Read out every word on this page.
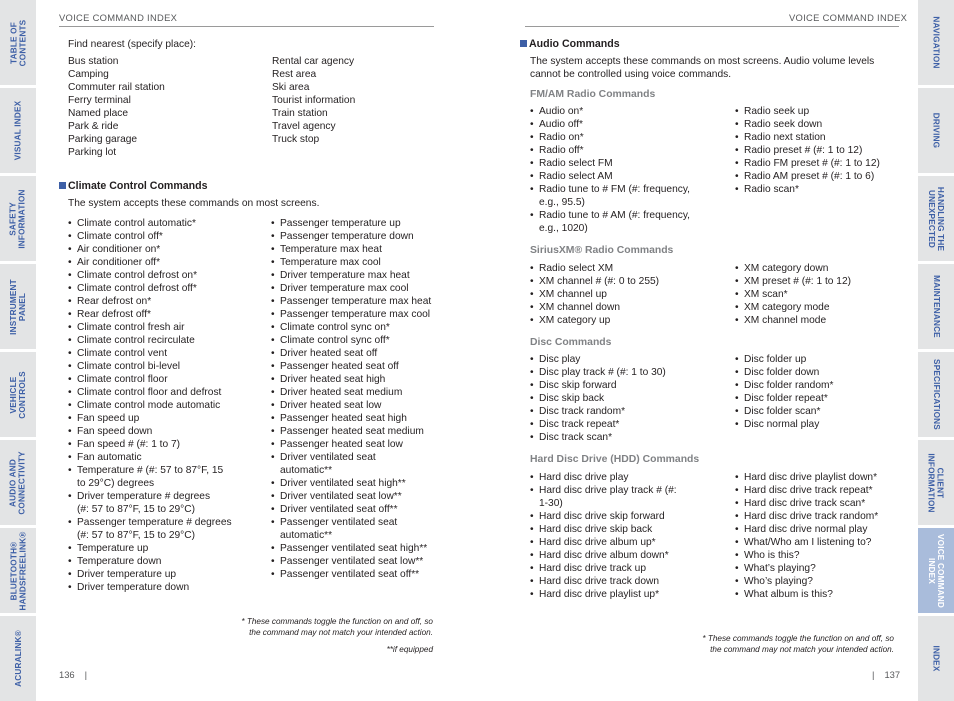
TABLE OF
CONTENTS
VISUAL INDEX
SAFETY
INFORMATION
INSTRUMENT
PANEL
VEHICLE
CONTROLS
AUDIO AND
CONNECTIVITY
BLUETOOTH®
HANDSFREELINK®
ACURALINK®
NAVIGATION
DRIVING
HANDLING THE
UNEXPECTED
MAINTENANCE
SPECIFICATIONS
CLIENT
INFORMATION
VOICE COMMAND
INDEX
INDEX
VOICE COMMAND INDEX
Find nearest (specify place):
Bus station
Camping
Commuter rail station
Ferry terminal
Named place
Park & ride
Parking garage
Parking lot
Rental car agency
Rest area
Ski area
Tourist information
Train station
Travel agency
Truck stop
Climate Control Commands
The system accepts these commands on most screens.
• Climate control automatic*
• Climate control off*
• Air conditioner on*
• Air conditioner off*
• Climate control defrost on*
• Climate control defrost off*
• Rear defrost on*
• Rear defrost off*
• Climate control fresh air
• Climate control recirculate
• Climate control vent
• Climate control bi-level
• Climate control floor
• Climate control floor and defrost
• Climate control mode automatic
• Fan speed up
• Fan speed down
• Fan speed # (#: 1 to 7)
• Fan automatic
• Temperature # (#: 57 to 87°F, 15
to 29°C) degrees
• Driver temperature # degrees
(#: 57 to 87°F, 15 to 29°C)
• Passenger temperature # degrees
(#: 57 to 87°F, 15 to 29°C)
• Temperature up
• Temperature down
• Driver temperature up
• Driver temperature down
• Passenger temperature up
• Passenger temperature down
• Temperature max heat
• Temperature max cool
• Driver temperature max heat
• Driver temperature max cool
• Passenger temperature max heat
• Passenger temperature max cool
• Climate control sync on*
• Climate control sync off*
• Driver heated seat off
• Passenger heated seat off
• Driver heated seat high
• Driver heated seat medium
• Driver heated seat low
• Passenger heated seat high
• Passenger heated seat medium
• Passenger heated seat low
• Driver ventilated seat
automatic**
• Driver ventilated seat high**
• Driver ventilated seat low**
• Driver ventilated seat off**
• Passenger ventilated seat
automatic**
• Passenger ventilated seat high**
• Passenger ventilated seat low**
• Passenger ventilated seat off**
* These commands toggle the function on and off, so
the command may not match your intended action.
**if equipped
136 |
VOICE COMMAND INDEX
Audio Commands
The system accepts these commands on most screens. Audio volume levels
cannot be controlled using voice commands.
FM/AM Radio Commands
• Audio on*
• Audio off*
• Radio on*
• Radio off*
• Radio select FM
• Radio select AM
• Radio tune to # FM (#: frequency,
e.g., 95.5)
• Radio tune to # AM (#: frequency,
e.g., 1020)
• Radio seek up
• Radio seek down
• Radio next station
• Radio preset # (#: 1 to 12)
• Radio FM preset # (#: 1 to 12)
• Radio AM preset # (#: 1 to 6)
• Radio scan*
SiriusXM® Radio Commands
• Radio select XM
• XM channel # (#: 0 to 255)
• XM channel up
• XM channel down
• XM category up
• XM category down
• XM preset # (#: 1 to 12)
• XM scan*
• XM category mode
• XM channel mode
Disc Commands
• Disc play
• Disc play track # (#: 1 to 30)
• Disc skip forward
• Disc skip back
• Disc track random*
• Disc track repeat*
• Disc track scan*
• Disc folder up
• Disc folder down
• Disc folder random*
• Disc folder repeat*
• Disc folder scan*
• Disc normal play
Hard Disc Drive (HDD) Commands
• Hard disc drive play
• Hard disc drive play track # (#:
1-30)
• Hard disc drive skip forward
• Hard disc drive skip back
• Hard disc drive album up*
• Hard disc drive album down*
• Hard disc drive track up
• Hard disc drive track down
• Hard disc drive playlist up*
• Hard disc drive playlist down*
• Hard disc drive track repeat*
• Hard disc drive track scan*
• Hard disc drive track random*
• Hard disc drive normal play
• What/Who am I listening to?
• Who is this?
• What’s playing?
• Who’s playing?
• What album is this?
* These commands toggle the function on and off, so
the command may not match your intended action.
| 137
